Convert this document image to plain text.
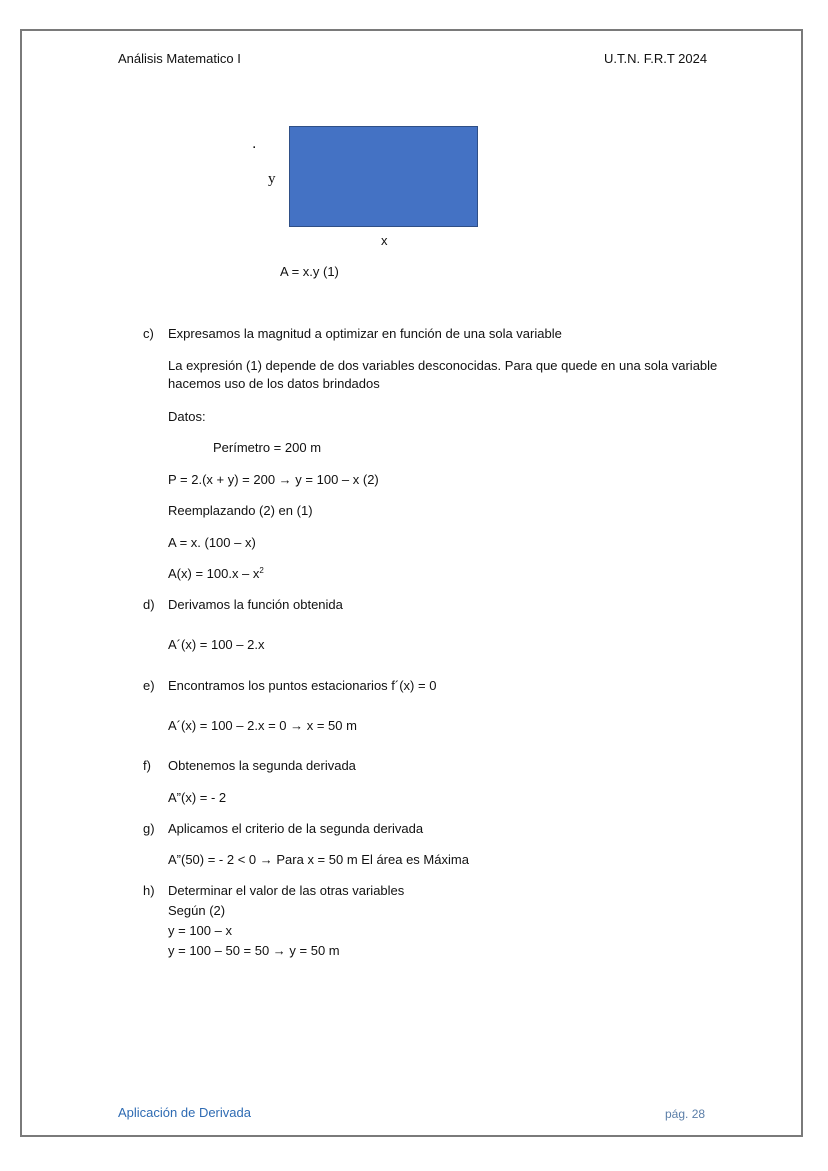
Análisis Matematico I	U.T.N. F.R.T 2024
.
y
x
A = x.y (1)
c) Expresamos la magnitud a optimizar en función de una sola variable
La expresión (1) depende de dos variables desconocidas. Para que quede en una sola variable hacemos uso de los datos brindados
Datos:
Perímetro = 200 m
P = 2.(x + y) = 200 → y = 100 – x (2)
Reemplazando (2) en (1)
A = x. (100 – x)
$A(x) = 100.x - x^2$
d) Derivamos la función obtenida
A´(x) = 100 – 2.x
e) Encontramos los puntos estacionarios f´(x) = 0
A´(x) = 100 – 2.x = 0 → x = 50 m
f) Obtenemos la segunda derivada
A”(x) = - 2
g) Aplicamos el criterio de la segunda derivada
A”(50) = - 2 < 0 → Para x = 50 m El área es Máxima
h) Determinar el valor de las otras variables
Según (2)
y = 100 – x
y = 100 – 50 = 50 → y = 50 m
Aplicación de Derivada	pág. 28
